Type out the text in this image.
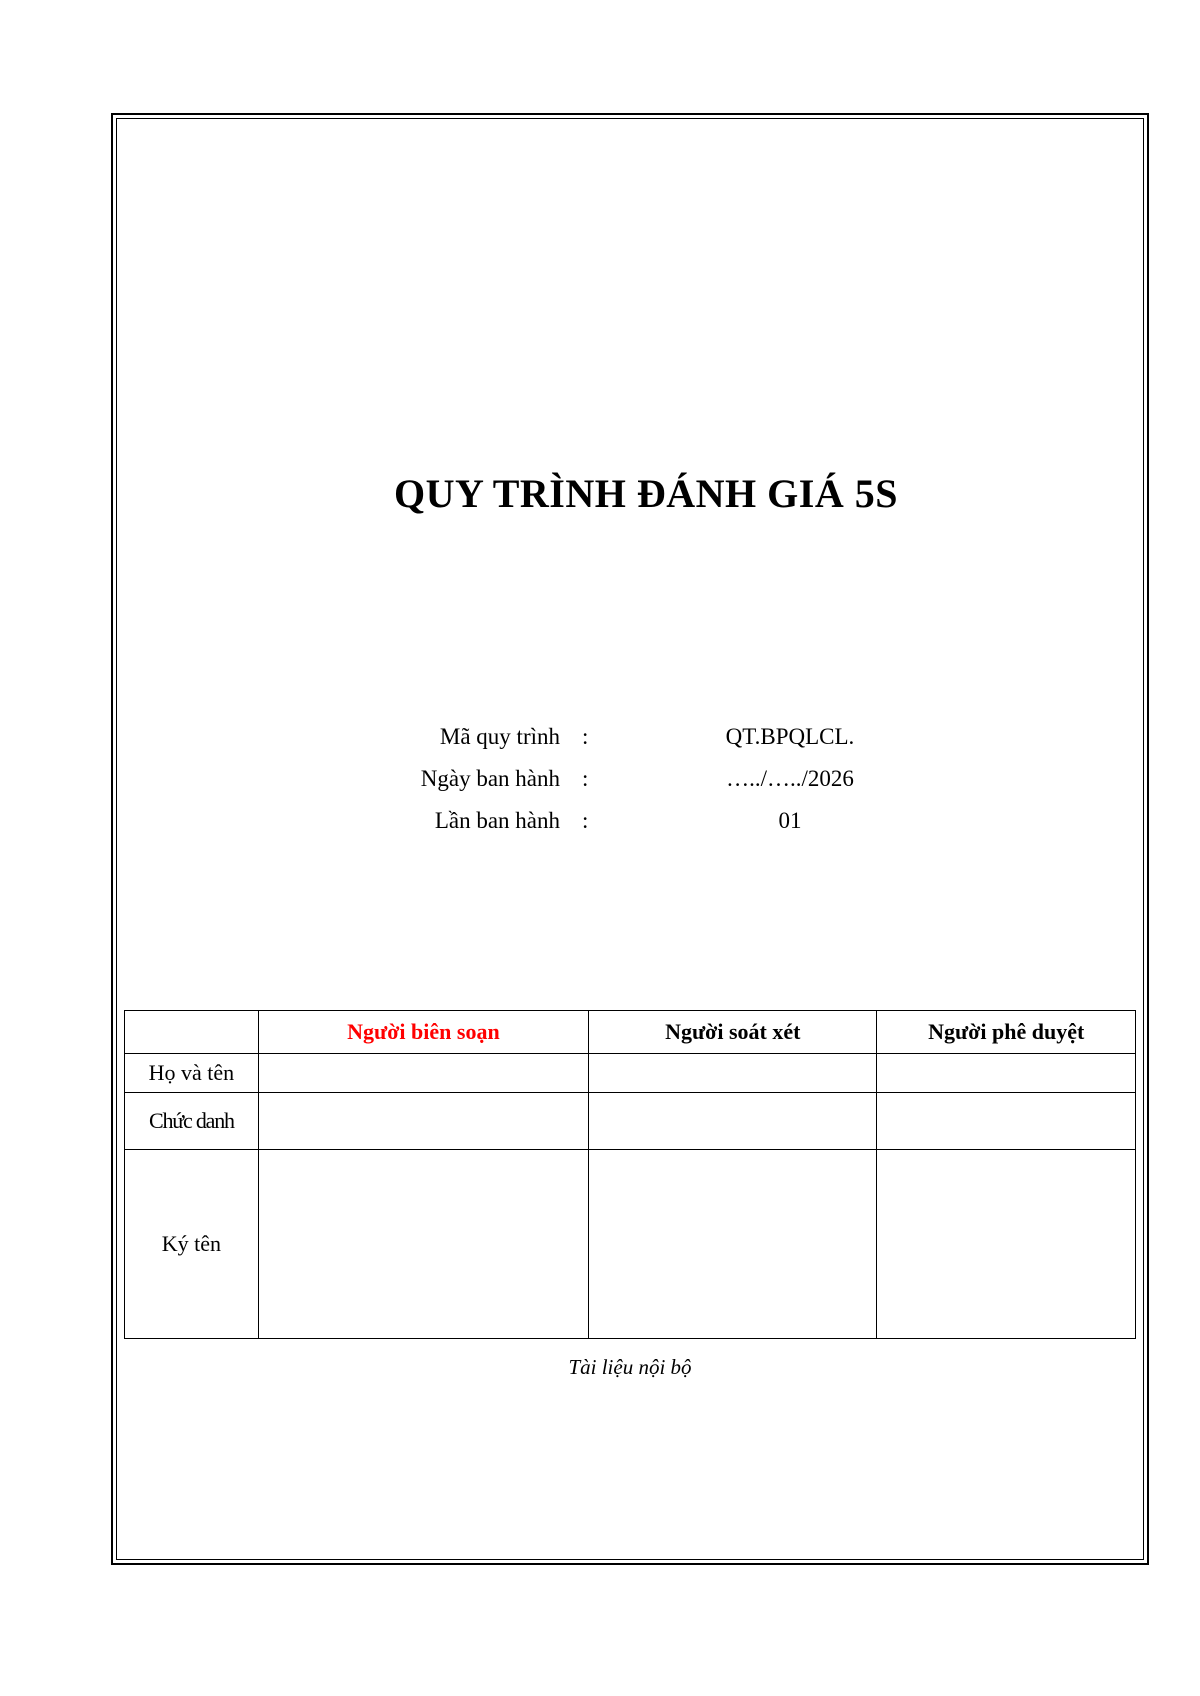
QUY TRÌNH ĐÁNH GIÁ 5S
Mã quy trình :	QT.BPQLCL.
Ngày ban hành :	…../…../2026
Lần ban hành :	01
	Người biên soạn	Người soát xét	Người phê duyệt
Họ và tên			
Chức danh			
Ký tên			
Tài liệu nội bộ
